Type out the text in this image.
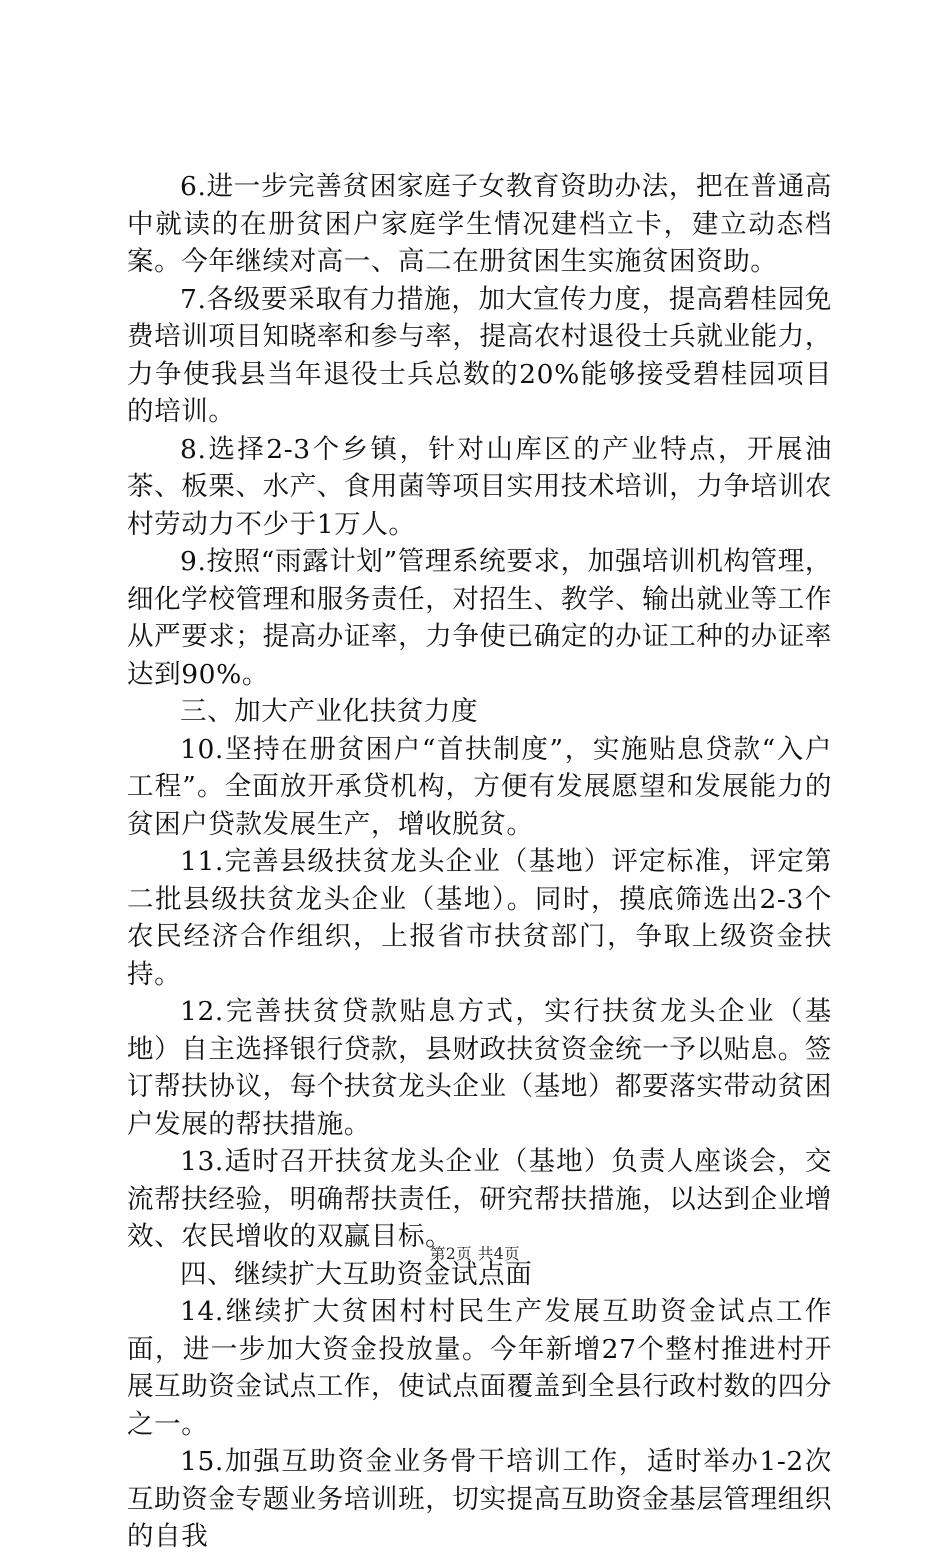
6.进一步完善贫困家庭子女教育资助办法，把在普通高中就读的在册贫困户家庭学生情况建档立卡，建立动态档案。今年继续对高一、高二在册贫困生实施贫困资助。

7.各级要采取有力措施，加大宣传力度，提高碧桂园免费培训项目知晓率和参与率，提高农村退役士兵就业能力，力争使我县当年退役士兵总数的20%能够接受碧桂园项目的培训。

8.选择2-3个乡镇，针对山库区的产业特点，开展油茶、板栗、水产、食用菌等项目实用技术培训，力争培训农村劳动力不少于1万人。

9.按照“雨露计划”管理系统要求，加强培训机构管理，细化学校管理和服务责任，对招生、教学、输出就业等工作从严要求；提高办证率，力争使已确定的办证工种的办证率达到90%。

三、加大产业化扶贫力度

10.坚持在册贫困户“首扶制度”，实施贴息贷款“入户工程”。全面放开承贷机构，方便有发展愿望和发展能力的贫困户贷款发展生产，增收脱贫。

11.完善县级扶贫龙头企业（基地）评定标准，评定第二批县级扶贫龙头企业（基地）。同时，摸底筛选出2-3个农民经济合作组织，上报省市扶贫部门，争取上级资金扶持。

12.完善扶贫贷款贴息方式，实行扶贫龙头企业（基地）自主选择银行贷款，县财政扶贫资金统一予以贴息。签订帮扶协议，每个扶贫龙头企业（基地）都要落实带动贫困户发展的帮扶措施。

13.适时召开扶贫龙头企业（基地）负责人座谈会，交流帮扶经验，明确帮扶责任，研究帮扶措施，以达到企业增效、农民增收的双赢目标。

四、继续扩大互助资金试点面

14.继续扩大贫困村村民生产发展互助资金试点工作面，进一步加大资金投放量。今年新增27个整村推进村开展互助资金试点工作，使试点面覆盖到全县行政村数的四分之一。

15.加强互助资金业务骨干培训工作，适时举办1-2次互助资金专题业务培训班，切实提高互助资金基层管理组织的自我

第2页 共4页
